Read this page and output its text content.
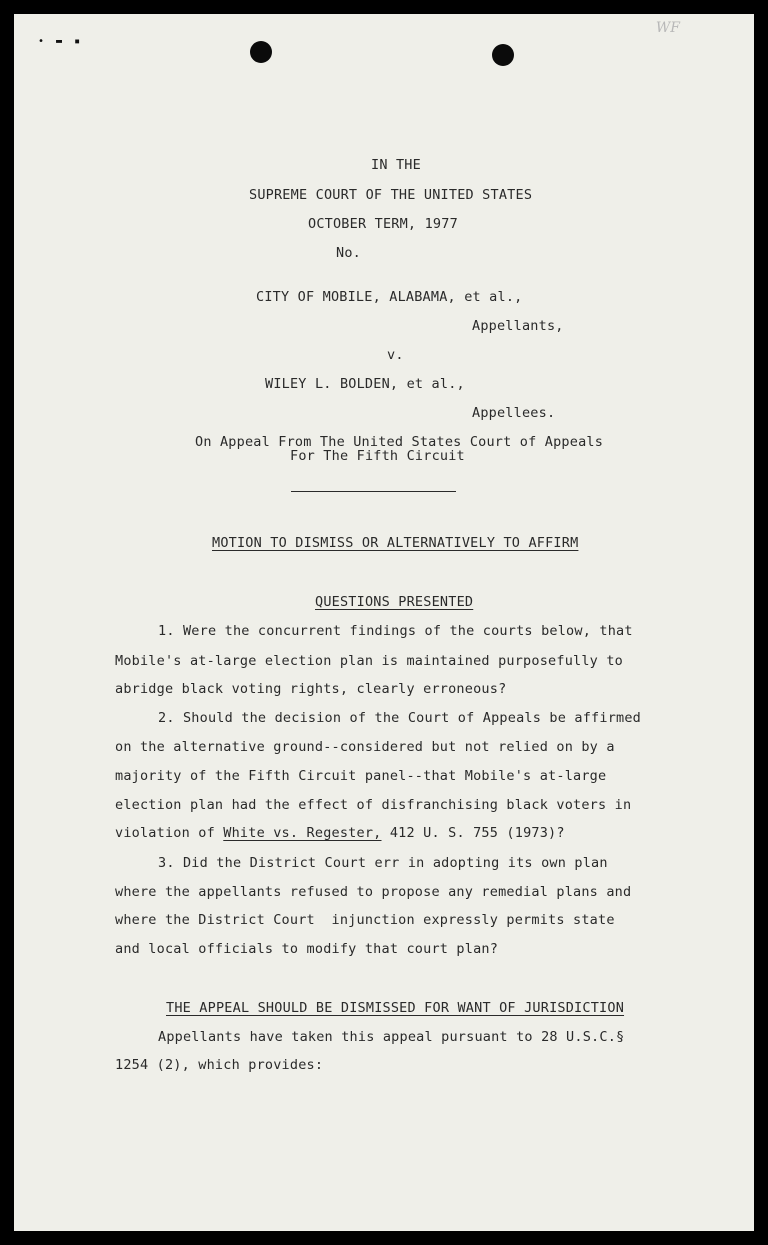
• ▬ ▪
WF
IN THE
SUPREME COURT OF THE UNITED STATES
OCTOBER TERM, 1977
No.
CITY OF MOBILE, ALABAMA, et al.,
Appellants,
v.
WILEY L. BOLDEN, et al.,
Appellees.
On Appeal From The United States Court of Appeals
For The Fifth Circuit
MOTION TO DISMISS OR ALTERNATIVELY TO AFFIRM
QUESTIONS PRESENTED
1. Were the concurrent findings of the courts below, that
Mobile's at-large election plan is maintained purposefully to
abridge black voting rights, clearly erroneous?
2. Should the decision of the Court of Appeals be affirmed
on the alternative ground--considered but not relied on by a
majority of the Fifth Circuit panel--that Mobile's at-large
election plan had the effect of disfranchising black voters in
violation of White vs. Regester, 412 U. S. 755 (1973)?
3. Did the District Court err in adopting its own plan
where the appellants refused to propose any remedial plans and
where the District Court  injunction expressly permits state
and local officials to modify that court plan?
THE APPEAL SHOULD BE DISMISSED FOR WANT OF JURISDICTION
Appellants have taken this appeal pursuant to 28 U.S.C.§
1254 (2), which provides:
